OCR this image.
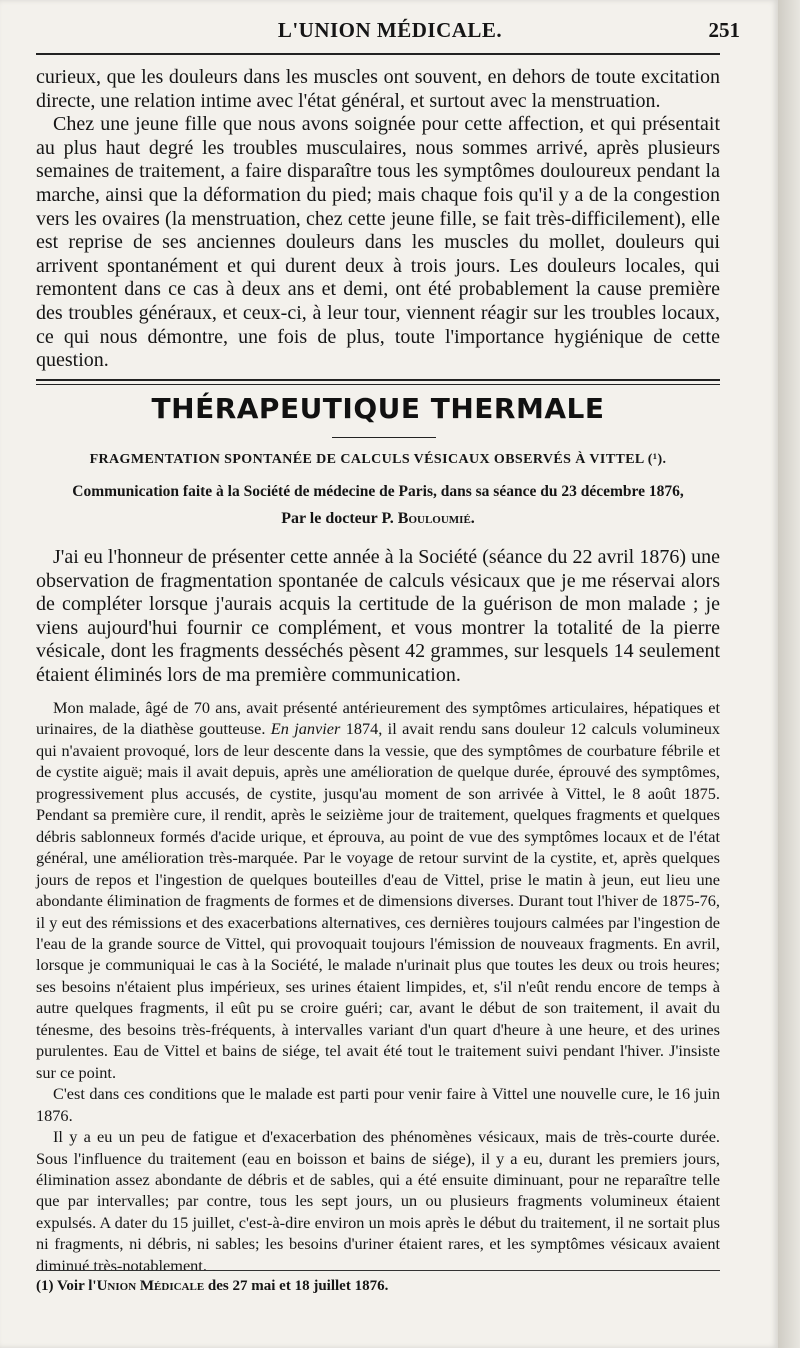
L'UNION MÉDICALE.	251

curieux, que les douleurs dans les muscles ont souvent, en dehors de toute excitation directe, une relation intime avec l'état général, et surtout avec la menstruation.

Chez une jeune fille que nous avons soignée pour cette affection, et qui présentait au plus haut degré les troubles musculaires, nous sommes arrivé, après plusieurs semaines de traitement, a faire disparaître tous les symptômes douloureux pendant la marche, ainsi que la déformation du pied; mais chaque fois qu'il y a de la congestion vers les ovaires (la menstruation, chez cette jeune fille, se fait très-difficilement), elle est reprise de ses anciennes douleurs dans les muscles du mollet, douleurs qui arrivent spontanément et qui durent deux à trois jours. Les douleurs locales, qui remontent dans ce cas à deux ans et demi, ont été probablement la cause première des troubles généraux, et ceux-ci, à leur tour, viennent réagir sur les troubles locaux, ce qui nous démontre, une fois de plus, toute l'importance hygiénique de cette question.

THÉRAPEUTIQUE THERMALE
FRAGMENTATION SPONTANÉE DE CALCULS VÉSICAUX OBSERVÉS À VITTEL (¹).
Communication faite à la Société de médecine de Paris, dans sa séance du 23 décembre 1876,
Par le docteur P. Bouloumié.

J'ai eu l'honneur de présenter cette année à la Société (séance du 22 avril 1876) une observation de fragmentation spontanée de calculs vésicaux que je me réservai alors de compléter lorsque j'aurais acquis la certitude de la guérison de mon malade ; je viens aujourd'hui fournir ce complément, et vous montrer la totalité de la pierre vésicale, dont les fragments desséchés pèsent 42 grammes, sur lesquels 14 seulement étaient éliminés lors de ma première communication.

Mon malade, âgé de 70 ans, avait présenté antérieurement des symptômes articulaires, hépatiques et urinaires, de la diathèse goutteuse. En janvier 1874, il avait rendu sans douleur 12 calculs volumineux qui n'avaient provoqué, lors de leur descente dans la vessie, que des symptômes de courbature fébrile et de cystite aiguë; mais il avait depuis, après une amélioration de quelque durée, éprouvé des symptômes, progressivement plus accusés, de cystite, jusqu'au moment de son arrivée à Vittel, le 8 août 1875. Pendant sa première cure, il rendit, après le seizième jour de traitement, quelques fragments et quelques débris sablonneux formés d'acide urique, et éprouva, au point de vue des symptômes locaux et de l'état général, une amélioration très-marquée. Par le voyage de retour survint de la cystite, et, après quelques jours de repos et l'ingestion de quelques bouteilles d'eau de Vittel, prise le matin à jeun, eut lieu une abondante élimination de fragments de formes et de dimensions diverses. Durant tout l'hiver de 1875-76, il y eut des rémissions et des exacerbations alternatives, ces dernières toujours calmées par l'ingestion de l'eau de la grande source de Vittel, qui provoquait toujours l'émission de nouveaux fragments. En avril, lorsque je communiquai le cas à la Société, le malade n'urinait plus que toutes les deux ou trois heures; ses besoins n'étaient plus impérieux, ses urines étaient limpides, et, s'il n'eût rendu encore de temps à autre quelques fragments, il eût pu se croire guéri; car, avant le début de son traitement, il avait du ténesme, des besoins très-fréquents, à intervalles variant d'un quart d'heure à une heure, et des urines purulentes. Eau de Vittel et bains de siége, tel avait été tout le traitement suivi pendant l'hiver. J'insiste sur ce point.

C'est dans ces conditions que le malade est parti pour venir faire à Vittel une nouvelle cure, le 16 juin 1876.

Il y a eu un peu de fatigue et d'exacerbation des phénomènes vésicaux, mais de très-courte durée. Sous l'influence du traitement (eau en boisson et bains de siége), il y a eu, durant les premiers jours, élimination assez abondante de débris et de sables, qui a été ensuite diminuant, pour ne reparaître telle que par intervalles; par contre, tous les sept jours, un ou plusieurs fragments volumineux étaient expulsés. A dater du 15 juillet, c'est-à-dire environ un mois après le début du traitement, il ne sortait plus ni fragments, ni débris, ni sables; les besoins d'uriner étaient rares, et les symptômes vésicaux avaient diminué très-notablement.

(1) Voir l'Union Médicale des 27 mai et 18 juillet 1876.
